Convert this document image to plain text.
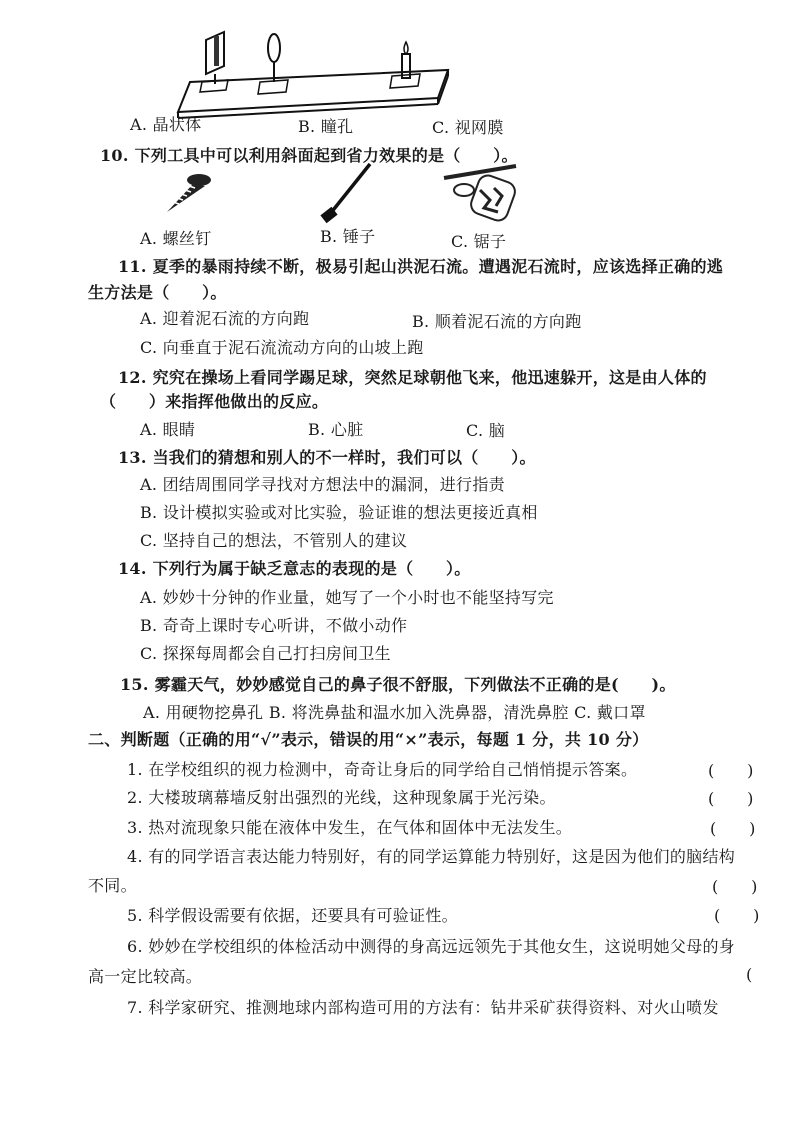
A. 晶状体	B. 瞳孔	C. 视网膜
10. 下列工具中可以利用斜面起到省力效果的是（　　）。
A. 螺丝钉	B. 锤子	C. 锯子
11. 夏季的暴雨持续不断，极易引起山洪泥石流。遭遇泥石流时，应该选择正确的逃
生方法是（　　）。
A. 迎着泥石流的方向跑	B. 顺着泥石流的方向跑
C. 向垂直于泥石流流动方向的山坡上跑
12. 究究在操场上看同学踢足球，突然足球朝他飞来，他迅速躲开，这是由人体的
（　　）来指挥他做出的反应。
A. 眼睛	B. 心脏	C. 脑
13. 当我们的猜想和别人的不一样时，我们可以（　　）。
A. 团结周围同学寻找对方想法中的漏洞，进行指责
B. 设计模拟实验或对比实验，验证谁的想法更接近真相
C. 坚持自己的想法，不管别人的建议
14. 下列行为属于缺乏意志的表现的是（　　）。
A. 妙妙十分钟的作业量，她写了一个小时也不能坚持写完
B. 奇奇上课时专心听讲，不做小动作
C. 探探每周都会自己打扫房间卫生
15. 雾霾天气，妙妙感觉自己的鼻子很不舒服，下列做法不正确的是(　　)。
A. 用硬物挖鼻孔 B. 将洗鼻盐和温水加入洗鼻器，清洗鼻腔 C. 戴口罩
二、判断题（正确的用“√”表示，错误的用“×”表示，每题 1 分，共 10 分）
1. 在学校组织的视力检测中，奇奇让身后的同学给自己悄悄提示答案。	(　　)
2. 大楼玻璃幕墙反射出强烈的光线，这种现象属于光污染。	(　　)
3. 热对流现象只能在液体中发生，在气体和固体中无法发生。	(　　)
4. 有的同学语言表达能力特别好，有的同学运算能力特别好，这是因为他们的脑结构
不同。	(　　)
5. 科学假设需要有依据，还要具有可验证性。	(　　)
6. 妙妙在学校组织的体检活动中测得的身高远远领先于其他女生，这说明她父母的身
高一定比较高。	(
7. 科学家研究、推测地球内部构造可用的方法有：钻井采矿获得资料、对火山喷发
